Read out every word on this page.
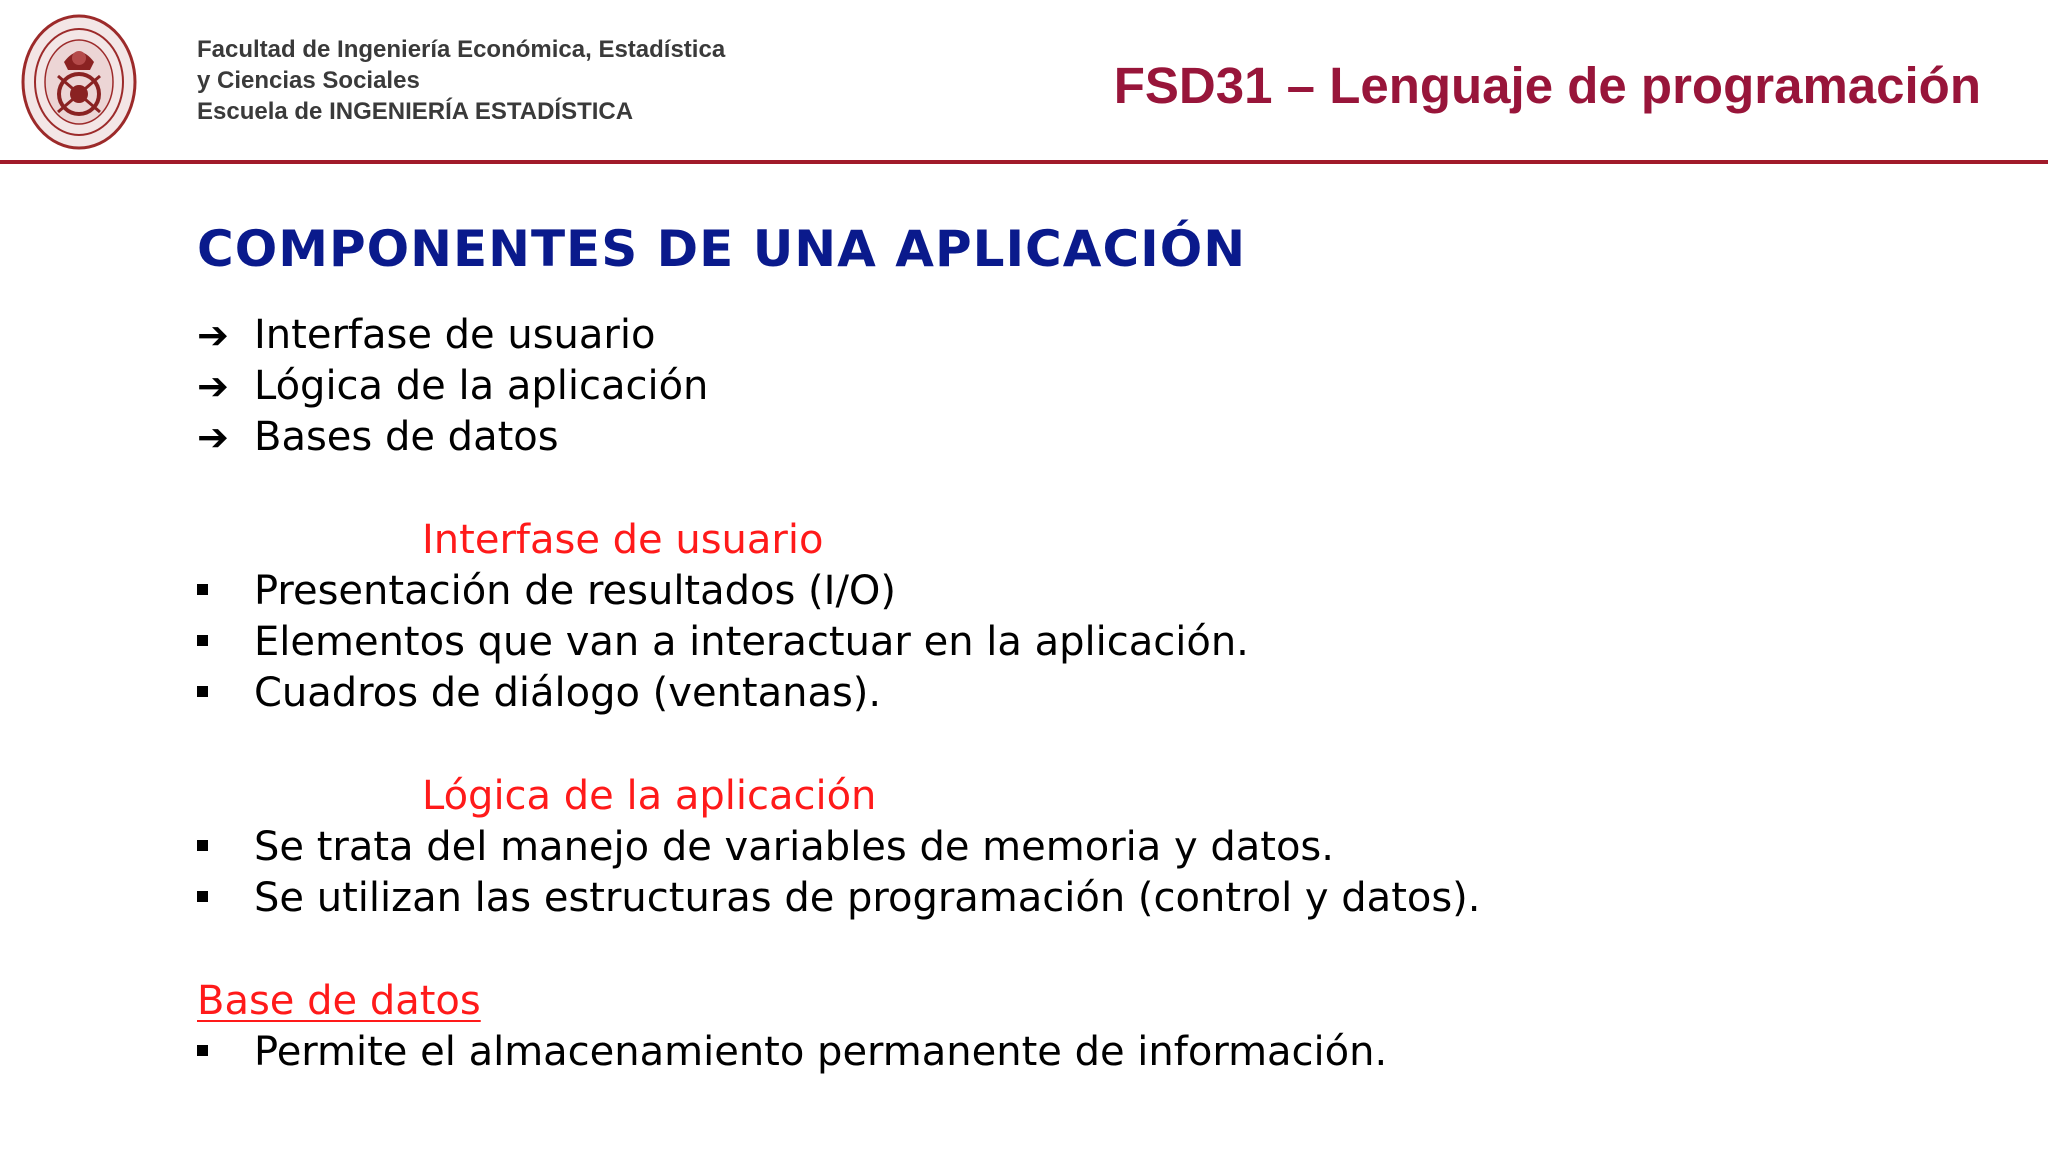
Facultad de Ingeniería Económica, Estadística
y Ciencias Sociales
Escuela de INGENIERÍA ESTADÍSTICA	FSD31 – Lenguaje de programación
COMPONENTES DE UNA APLICACIÓN
➔ Interfase de usuario
➔ Lógica de la aplicación
➔ Bases de datos
Interfase de usuario
Presentación de resultados (I/O)
Elementos que van a interactuar en la aplicación.
Cuadros de diálogo (ventanas).
Lógica de la aplicación
Se trata del manejo de variables de memoria y datos.
Se utilizan las estructuras de programación (control y datos).
Base de datos
Permite el almacenamiento permanente de información.
